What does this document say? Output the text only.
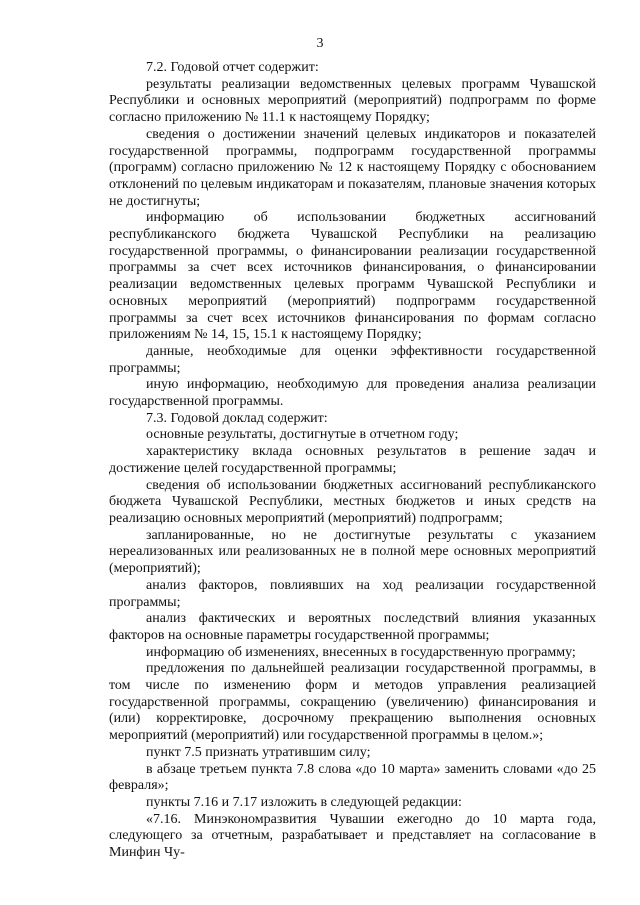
3

7.2. Годовой отчет содержит:

результаты реализации ведомственных целевых программ Чувашской Республики и основных мероприятий (мероприятий) подпрограмм по форме согласно приложению № 11.1 к настоящему Порядку;

сведения о достижении значений целевых индикаторов и показателей государственной программы, подпрограмм государственной программы (программ) согласно приложению № 12 к настоящему Порядку с обоснованием отклонений по целевым индикаторам и показателям, плановые значения которых не достигнуты;

информацию об использовании бюджетных ассигнований республиканского бюджета Чувашской Республики на реализацию государственной программы, о финансировании реализации государственной программы за счет всех источников финансирования, о финансировании реализации ведомственных целевых программ Чувашской Республики и основных мероприятий (мероприятий) подпрограмм государственной программы за счет всех источников финансирования по формам согласно приложениям № 14, 15, 15.1 к настоящему Порядку;

данные, необходимые для оценки эффективности государственной программы;

иную информацию, необходимую для проведения анализа реализации государственной программы.

7.3. Годовой доклад содержит:

основные результаты, достигнутые в отчетном году;

характеристику вклада основных результатов в решение задач и достижение целей государственной программы;

сведения об использовании бюджетных ассигнований республиканского бюджета Чувашской Республики, местных бюджетов и иных средств на реализацию основных мероприятий (мероприятий) подпрограмм;

запланированные, но не достигнутые результаты с указанием нереализованных или реализованных не в полной мере основных мероприятий (мероприятий);

анализ факторов, повлиявших на ход реализации государственной программы;

анализ фактических и вероятных последствий влияния указанных факторов на основные параметры государственной программы;

информацию об изменениях, внесенных в государственную программу;

предложения по дальнейшей реализации государственной программы, в том числе по изменению форм и методов управления реализацией государственной программы, сокращению (увеличению) финансирования и (или) корректировке, досрочному прекращению выполнения основных мероприятий (мероприятий) или государственной программы в целом.»;

пункт 7.5 признать утратившим силу;

в абзаце третьем пункта 7.8 слова «до 10 марта» заменить словами «до 25 февраля»;

пункты 7.16 и 7.17 изложить в следующей редакции:

«7.16. Минэкономразвития Чувашии ежегодно до 10 марта года, следующего за отчетным, разрабатывает и представляет на согласование в Минфин Чу-
